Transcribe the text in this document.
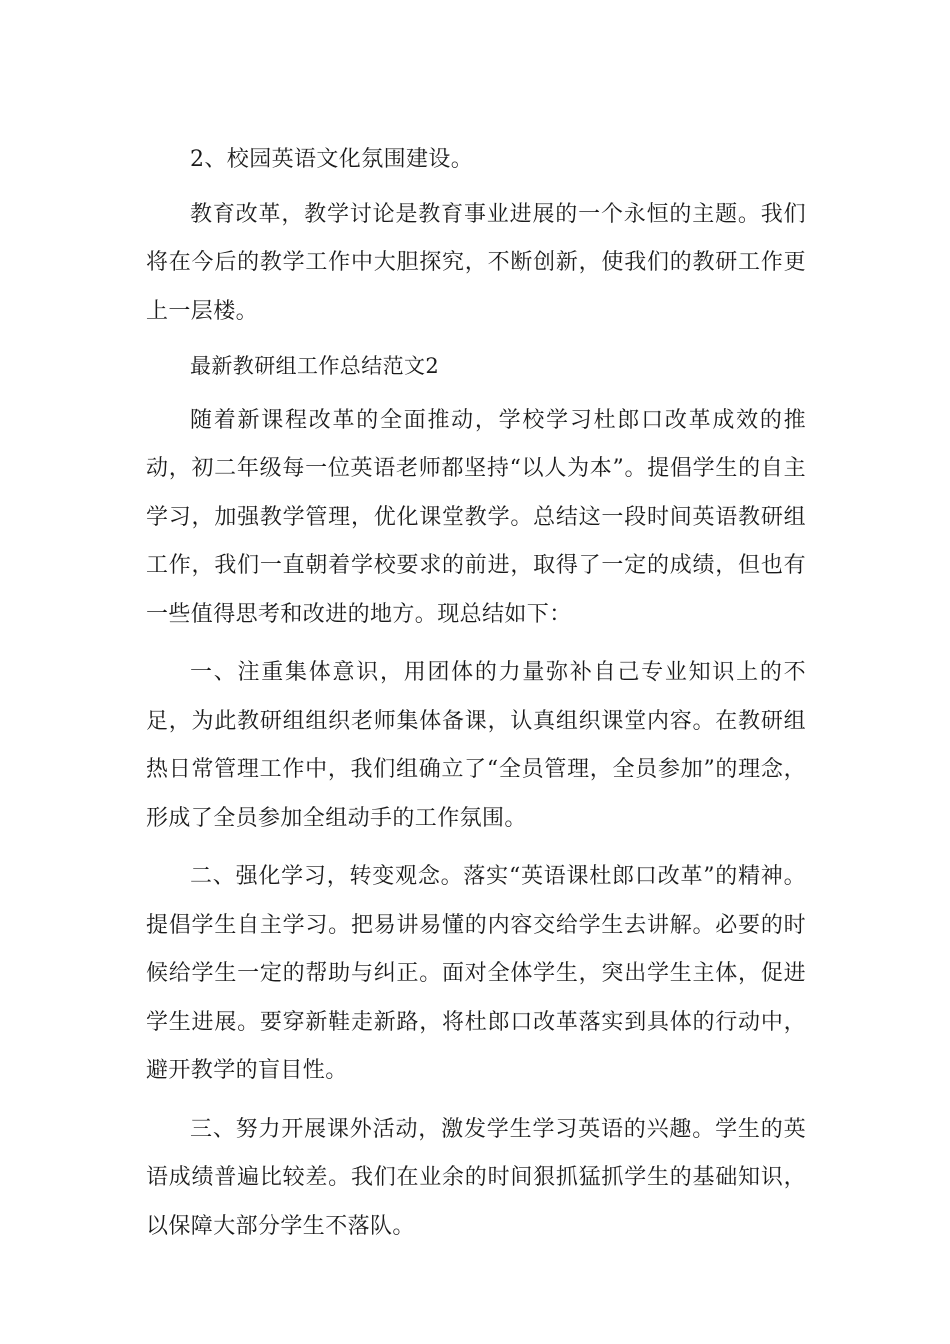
2、校园英语文化氛围建设。

教育改革，教学讨论是教育事业进展的一个永恒的主题。我们将在今后的教学工作中大胆探究，不断创新，使我们的教研工作更上一层楼。

最新教研组工作总结范文2

随着新课程改革的全面推动，学校学习杜郎口改革成效的推动，初二年级每一位英语老师都坚持“以人为本”。提倡学生的自主学习，加强教学管理，优化课堂教学。总结这一段时间英语教研组工作，我们一直朝着学校要求的前进，取得了一定的成绩，但也有一些值得思考和改进的地方。现总结如下：

一、注重集体意识，用团体的力量弥补自己专业知识上的不足，为此教研组组织老师集体备课，认真组织课堂内容。在教研组热日常管理工作中，我们组确立了“全员管理，全员参加”的理念，形成了全员参加全组动手的工作氛围。

二、强化学习，转变观念。落实“英语课杜郎口改革”的精神。提倡学生自主学习。把易讲易懂的内容交给学生去讲解。必要的时候给学生一定的帮助与纠正。面对全体学生，突出学生主体，促进学生进展。要穿新鞋走新路，将杜郎口改革落实到具体的行动中，避开教学的盲目性。

三、努力开展课外活动，激发学生学习英语的兴趣。学生的英语成绩普遍比较差。我们在业余的时间狠抓猛抓学生的基础知识，以保障大部分学生不落队。
